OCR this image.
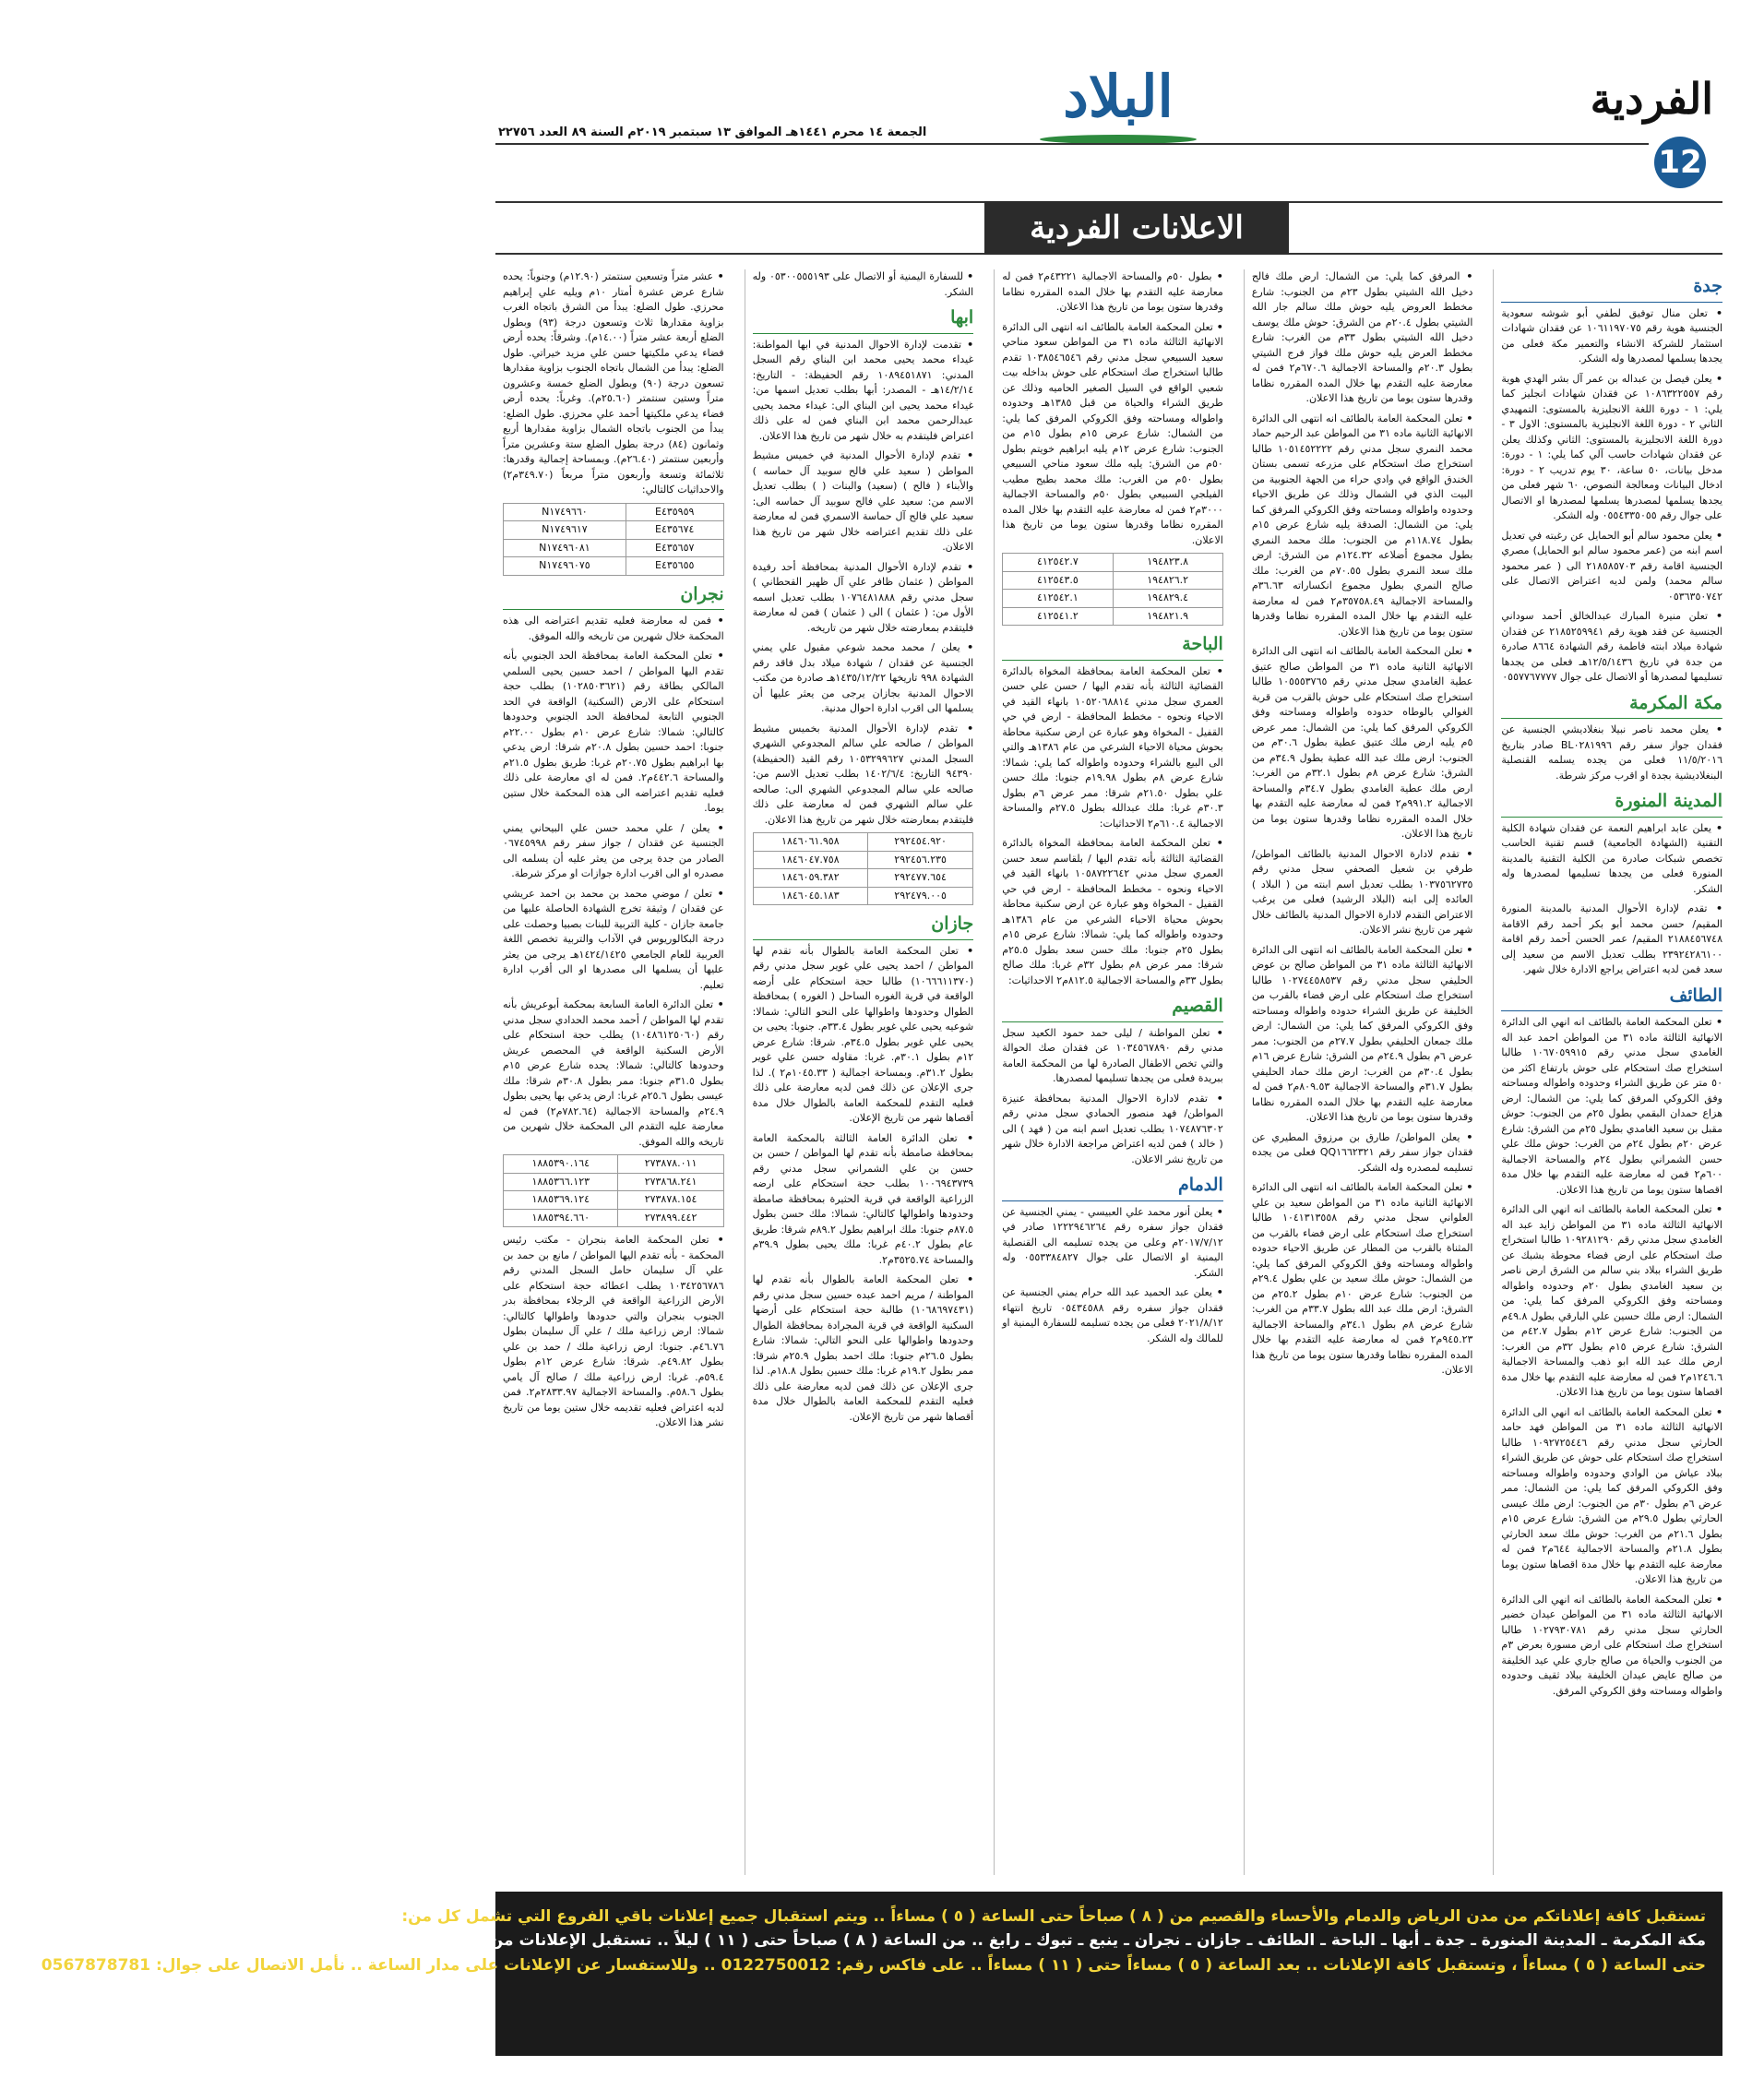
الفردية
12
البلاد
الجمعة ١٤ محرم ١٤٤١هـ الموافق ١٣ سبتمبر ٢٠١٩م السنة ٨٩ العدد ٢٢٧٥٦
الاعلانات الفردية
جدة
• تعلن منال توفيق لطفي أبو شوشه سعودية الجنسية هوية رقم ١٠٦١١٩٧٠٧٥ عن فقدان شهادات استثمار للشركة الانشاء والتعمير مكة فعلى من يجدها يسلمها لمصدرها وله الشكر.
• يعلن فيصل بن عبداله بن عمر آل بشر الهدي هوية رقم ١٠٨٦٣٢٢٥٥٧ عن فقدان شهادات انجليز كما يلي: ١ - دورة اللغة الانجليزية بالمستوى: التمهيدي الثاني ٢ - دورة اللغة الانجليزية بالمستوى: الاول ٣ - دورة اللغة الانجليزية بالمستوى: الثاني وكذلك يعلن عن فقدان شهادات حاسب آلي كما يلي: ١ - دورة: مدخل بيانات، ٥٠ ساعة، ٣٠ يوم تدريب ٢ - دورة: ادخال البيانات ومعالجة النصوص، ٦٠ شهر فعلى من يجدها يسلمها لمصدرها يسلمها لمصدرها او الاتصال على جوال رقم ٠٥٥٤٣٣٥٠٥٥ وله الشكر.
• يعلن محمود سالم أبو الحمايل عن رغبته في تعديل اسم ابنه من (عمر محمود سالم ابو الحمايل) مصري الجنسية اقامة رقم ٢١٨٥٨٥٧٠٣ الى ( عمر محمود سالم محمد) ولمن لديه اعتراض الاتصال على ٠٥٣٦٣٥٠٧٤٢
• تعلن منيرة المبارك عبدالخالق أحمد سوداني الجنسية عن فقد هوية رقم ٢١٨٥٢٥٩٩٤١ عن فقدان شهادة ميلاد ابنته فاطمة رقم الشهادة ٨٦٦٤ صادرة من جدة في تاريخ ١٢/٥/١٤٣٦هـ فعلى من يجدها تسليمها لمصدرها أو الاتصال على جوال ٠٥٥٧٧٦٧٧٧٧
مكة المكرمة
• يعلن محمد ناصر نبيلا بنغلاديشي الجنسية عن فقدان جواز سفر رقم BL٠٢٨١٩٩٦ صادر بتاريخ ١١/٥/٢٠١٦ فعلى من يجده يسلمه القنصلية البنغلاديشية بجدة او اقرب مركز شرطة.
المدينة المنورة
• يعلن عابد ابراهيم النعمة عن فقدان شهادة الكلية التقنية (الشهادة الجامعية) قسم تقنية الحاسب تخصص شبكات صادرة من الكلية التقنية بالمدينة المنورة فعلى من يجدها تسليمها لمصدرها وله الشكر.
• تقدم لإدارة الأحوال المدنية بالمدينة المنورة المقيم/ حسن محمد أبو بكر أحمد رقم الاقامة ٢١٨٨٤٥٦٧٤٨ المقيم/ عمر الحسن أحمد رقم اقامة ٢٣٩٢٤٢٨٦١٠٠ بطلب تعديل الاسم من سعيد إلى سعد فمن لديه اعتراض يراجع الادارة خلال شهر.
الطائف
• تعلن المحكمة العامة بالطائف انه انهي الى الدائرة الانهائية الثالثة ماده ٣١ من المواطن احمد عبد اله الغامدي سجل مدني رقم ١٠٦٧٠٥٩٩١٥ طالبا استخراج صك استحكام على حوش بارتفاع اكثر من ٥٠ متر عن طريق الشراء وحدوده واطواله ومساحته وفق الكروكي المرفق كما يلي: من الشمال: ارض هزاع حمدان البقمي بطول ٢٥م من الجنوب: حوش مقبل بن سعيد الغامدي بطول ٢٥م من الشرق: شارع عرض ٢٠م بطول ٢٤م من الغرب: حوش ملك علي حسن الشمراني بطول ٢٤م والمساحة الاجمالية ٦٠٠م٢ فمن له معارضة عليه التقدم بها خلال مدة اقصاها ستون يوما من تاريخ هذا الاعلان.
• تعلن المحكمة العامة بالطائف انه انهي الى الدائرة الانهائية الثالثة ماده ٣١ من المواطن زايد عبد اله الغامدي سجل مدني رقم ١٠٩٢٨١٢٩٠ طالبا استخراج صك استحكام على ارض فضاء محوطة بشبك عن طريق الشراء ببلاد بني سالم من الشرق ارض ناصر بن سعيد الغامدي بطول ٢٠م وحدوده واطواله ومساحته وفق الكروكي المرفق كما يلي: من الشمال: ارض ملك حسين علي البارقي بطول ٤٩.٨م من الجنوب: شارع عرض ١٢م بطول ٤٢.٧م من الشرق: شارع عرض ١٥م بطول ٣٢م من الغرب: ارض ملك عبد الله ابو ذهب والمساحة الاجمالية ١٢٤٦.٦م٢ فمن له معارضة عليه التقدم بها خلال مدة اقصاها ستون يوما من تاريخ هذا الاعلان.
• تعلن المحكمة العامة بالطائف انه انهي الى الدائرة الانهائية الثالثة ماده ٣١ من المواطن فهد حامد الحارثي سجل مدني رقم ١٠٩٢٧٢٥٤٤٦ طالبا استخراج صك استحكام على حوش عن طريق الشراء ببلاد عياش من الوادي وحدوده واطواله ومساحته وفق الكروكي المرفق كما يلي: من الشمال: ممر عرض ٦م بطول ٣٠م من الجنوب: ارض ملك عيسى الحارثي بطول ٢٩.٥م من الشرق: شارع عرض ١٥م بطول ٢١.٦م من الغرب: حوش ملك سعد الحارثي بطول ٢١.٨م والمساحة الاجمالية ٦٤٤م٢ فمن له معارضة عليه التقدم بها خلال مدة اقصاها ستون يوما من تاريخ هذا الاعلان.
• تعلن المحكمة العامة بالطائف انه انهي الى الدائرة الانهائية الثالثة ماده ٣١ من المواطن عيدان خضير الحارثي سجل مدني رقم ١٠٢٧٩٣٠٧٨١ طالبا استخراج صك استحكام على ارض مسورة بعرض ٣م من الجنوب والحياة من صالح جاري علي عيد الخليفة من صالح عايض عيدان الخليفة ببلاد ثقيف وحدوده واطواله ومساحته وفق الكروكي المرفق.
• المرفق كما يلي: من الشمال: ارض ملك فالح دخيل الله الشيتي بطول ٢٣م من الجنوب: شارع مخطط العروض يليه حوش ملك سالم جار الله الشيتي بطول ٢٠.٤م من الشرق: حوش ملك يوسف دخيل الله الشيتي بطول ٣٣م من الغرب: شارع مخطط العرض يليه حوش ملك فواز فرج الشيتي بطول ٢٠.٣م والمساحة الاجمالية ٦٧٠.٦م٢ فمن له معارضة عليه التقدم بها خلال المده المقرره نظاما وقدرها ستون يوما من تاريخ هذا الاعلان.
• تعلن المحكمة العامة بالطائف انه انتهى الى الدائرة الانهائية الثانية ماده ٣١ من المواطن عبد الرحيم حماد محمد النمري سجل مدني رقم ١٠٥١٤٥٢٢٢٢ طالبا استخراج صك استحكام على مزرعه تسمى بستان الخندق الواقع في وادي حراء من الجهة الجنوبية من البيت الذي في الشمال وذلك عن طريق الاحياء وحدوده واطواله ومساحته وفق الكروكي المرفق كما يلي: من الشمال: الصدقة يليه شارع عرض ١٥م بطول ١١٨.٧٤م من الجنوب: ملك محمد النمري بطول مجموع أضلاعه ١٢٤.٣٢م من الشرق: ارض ملك سعد النمري بطول ٧٠.٥٥م من الغرب: ملك صالح النمري بطول مجموع انكساراته ٣٦.٦٣م والمساحة الاجمالية ٣٥٧٥٨.٤٩م٢ فمن له معارضة عليه التقدم بها خلال المده المقرره نظاما وقدرها ستون يوما من تاريخ هذا الاعلان.
• تعلن المحكمة العامة بالطائف انه انتهى الى الدائرة الانهائية الثانية ماده ٣١ من المواطن صالح عتيق عطية الغامدي سجل مدني رقم ١٠٥٥٥٣٧٦٥ طالبا استخراج صك استحكام على حوش بالقرب من قرية الغوالي بالوطاه حدوده واطواله ومساحته وفق الكروكي المرفق كما يلي: من الشمال: ممر عرض ٥م يليه ارض ملك عتيق عطية بطول ٣٠.٦م من الجنوب: ارض ملك عبد الله عطية بطول ٣٤.٩م من الشرق: شارع عرض ٨م بطول ٣٢.١م من الغرب: ارض ملك عطية الغامدي بطول ٣٤.٧م والمساحة الاجمالية ٩٩١.٢م٢ فمن له معارضة عليه التقدم بها خلال المده المقرره نظاما وقدرها ستون يوما من تاريخ هذا الاعلان.
• تقدم لادارة الاحوال المدنية بالطائف المواطن/ طرقي بن شعيل الصحفي سجل مدني رقم ١٠٣٧٥٦٢٧٣٥ بطلب تعديل اسم ابنته من ( البلاد ) العائده إلى ابنه (البلاد الرشيد) فعلى من يرغب الاعتراض التقدم لادارة الاحوال المدنية بالطائف خلال شهر من تاريخ نشر الاعلان.
• تعلن المحكمة العامة بالطائف انه انتهى الى الدائرة الانهائية الثالثة ماده ٣١ من المواطن صالح بن عوض الحليفي سجل مدني رقم ١٠٢٧٤٤٥٨٥٣٧ طالبا استخراج صك استحكام على ارض فضاء بالقرب من الخليفة عن طريق الشراء حدوده واطواله ومساحته وفق الكروكي المرفق كما يلي: من الشمال: ارض ملك جمعان الحليفي بطول ٢٧.٧م من الجنوب: ممر عرض ٦م بطول ٢٤.٩م من الشرق: شارع عرض ١٦م بطول ٣٠.٤م من الغرب: ارض ملك حماد الحليفي بطول ٣١.٧م والمساحة الاجمالية ٨٠٩.٥٣م٢ فمن له معارضة عليه التقدم بها خلال المده المقرره نظاما وقدرها ستون يوما من تاريخ هذا الاعلان.
• يعلن المواطن/ طارق بن مرزوق المطيري عن فقدان جواز سفر رقم QQ١٦٦٢٣٢١ فعلى من يجده تسليمه لمصدره وله الشكر.
• تعلن المحكمة العامة بالطائف انه انتهى الى الدائرة الانهائية الثانية ماده ٣١ من المواطن سعيد بن علي العلواني سجل مدني رقم ١٠٤١٣١٣٥٥٨ طالبا استخراج صك استحكام على ارض فضاء بالقرب من المثناة بالقرب من المطار عن طريق الاحياء حدوده واطواله ومساحته وفق الكروكي المرفق كما يلي: من الشمال: حوش ملك سعيد بن علي بطول ٢٩.٤م من الجنوب: شارع عرض ١٠م بطول ٢٥.٢م من الشرق: ارض ملك عبد الله بطول ٣٣.٧م من الغرب: شارع عرض ٨م بطول ٣٤.١م والمساحة الاجمالية ٩٤٥.٢٣م٢ فمن له معارضة عليه التقدم بها خلال المده المقرره نظاما وقدرها ستون يوما من تاريخ هذا الاعلان.
• بطول ٥٠م والمساحة الاجمالية ٤٣٢٢١م٢ فمن له معارضة عليه التقدم بها خلال المده المقرره نظاما وقدرها ستون يوما من تاريخ هذا الاعلان.
• تعلن المحكمة العامة بالطائف انه انتهى الى الدائرة الانهائية الثالثة ماده ٣١ من المواطن سعود مناحي سعيد السبيعي سجل مدني رقم ١٠٣٨٥٤٦٥٤٦ تقدم طالبا استخراج صك استحكام على حوش بداخله بيت شعبي الواقع في السيل الصغير الحاميه وذلك عن طريق الشراء والحياة من قبل ١٣٨٥هـ وحدوده واطواله ومساحته وفق الكروكي المرفق كما يلي: من الشمال: شارع عرض ١٥م بطول ١٥م من الجنوب: شارع عرض ١٢م يليه ابراهيم خويتم بطول ٥٠م من الشرق: يليه ملك سعود مناحي السبيعي بطول ٥٠م من الغرب: ملك محمد بطيح مطيب الفيلجي السبيعي بطول ٥٠م والمساحة الاجمالية ٣٠٠٠م٢ فمن له معارضة عليه التقدم بها خلال المده المقرره نظاما وقدرها ستون يوما من تاريخ هذا الاعلان.
٤١٢٥٤٢.٧	١٩٤٨٢٣.٨
٤١٢٥٤٣.٥	١٩٤٨٢٦.٢
٤١٢٥٤٢.١	١٩٤٨٢٩.٤
٤١٢٥٤١.٢	١٩٤٨٢١.٩
الباحة
• تعلن المحكمة العامة بمحافظة المخواة بالدائرة القضائية الثالثة بأنه تقدم اليها / حسن علي حسن العمري سجل مدني ١٠٥٢٠٦٨٨١٤ بانهاء القيد في الاحياء ونحوه - مخطط المحافظة - ارض في حي القفيل - المخواة وهو عبارة عن ارض سكنية محاطة بحوش محياة الاحياء الشرعي من عام ١٣٨٦هـ والتي الى البيع بالشراء وحدوده واطواله كما يلي: شمالا: شارع عرض ٨م بطول ١٩.٩٨م جنوبا: ملك حسن علي بطول ٢١.٥٠م شرقا: ممر عرض ٦م بطول ٣٠.٣م غربا: ملك عبدالله بطول ٢٧.٥م والمساحة الاجمالية ٦١٠.٤م٢ الاحداثيات:
• تعلن المحكمة العامة بمحافظة المخواة بالدائرة القضائية الثالثة بأنه تقدم اليها / بلقاسم سعد حسن العمري سجل مدني ١٠٥٨٧٢٢٦٤٢ بانهاء القيد في الاحياء ونحوه - مخطط المحافظة - ارض في حي القفيل - المخواة وهو عبارة عن ارض سكنية محاطة بحوش محياة الاحياء الشرعي من عام ١٣٨٦هـ وحدوده واطواله كما يلي: شمالا: شارع عرض ١٥م بطول ٢٥م جنوبا: ملك حسن سعد بطول ٢٥.٥م شرقا: ممر عرض ٨م بطول ٣٢م غربا: ملك صالح بطول ٣٣م والمساحة الاجمالية ٨١٢.٥م٢ الاحداثيات:
القصيم
• تعلن المواطنة / ليلى حمد حمود الكعيد سجل مدني رقم ١٠٣٤٥٦٧٨٩٠ عن فقدان صك الحوالة والتي تخص الاطفال الصادرة لها من المحكمة العامة ببريدة فعلى من يجدها تسليمها لمصدرها.
• تقدم لادارة الاحوال المدنية بمحافظة عنيزة المواطن/ فهد منصور الحمادي سجل مدني رقم ١٠٧٤٨٧٦٣٠٢ بطلب تعديل اسم ابنه من ( فهد ) الى ( خالد ) فمن لديه اعتراض مراجعة الادارة خلال شهر من تاريخ نشر الاعلان.
الدمام
• يعلن أنور محمد علي العبيسي - يمني الجنسية عن فقدان جواز سفره رقم ١٢٢٢٩٤٦٢٦٤ صادر في ٢٠١٧/٧/١٢م وعلى من يجده تسليمه الى القنصلية اليمنية او الاتصال على جوال ٠٥٥٣٣٨٤٨٢٧ وله الشكر.
• يعلن عبد الحميد عبد الله حرام يمني الجنسية عن فقدان جواز سفره رقم ٠٥٤٣٤٥٨٨ تاريخ انتهاء ٢٠٢١/٨/١٢ فعلى من يجده تسليمه للسفارة اليمنية او للمالك وله الشكر.
• للسفارة اليمنية أو الاتصال على ٠٥٣٠٠٥٥٥١٩٣ وله الشكر.
ابها
• تقدمت لإدارة الاحوال المدنية في ابها المواطنة: غيداء محمد يحيى محمد ابن البناي رقم السجل المدني: ١٠٨٩٤٥١٨٧١ رقم الحفيظة: - التاريخ: ١٤/٢/١٤هـ - المصدر: أبها بطلب تعديل اسمها من: غيداء محمد يحيى ابن البناي الى: غيداء محمد يحيى عبدالرحمن محمد ابن البناي فمن له على ذلك اعتراض فليتقدم به خلال شهر من تاريخ هذا الاعلان.
• تقدم لإدارة الأحوال المدنية في خميس مشيط المواطن ( سعيد علي فالح سوبيد آل حماسه ) والأبناء ( فالح ) (سعيد) والبنات ( ) بطلب تعديل الاسم من: سعيد علي فالح سوبيد آل حماسه الى: سعيد علي فالح آل حماسة الاسمري فمن له معارضة على ذلك تقديم اعتراضه خلال شهر من تاريخ هذا الاعلان.
• تقدم لإدارة الأحوال المدنية بمحافظة أحد رفيدة المواطن ( عثمان ظافر علي آل ظهير القحطاني ) سجل مدني رقم ١٠٧٦٤٨١٨٨٨ بطلب تعديل اسمه الأول من: ( عثمان ) الى ( عثمان ) فمن له معارضة فليتقدم بمعارضته خلال شهر من تاريخه.
• يعلن / محمد محمد شوعي مقبول علي يمني الجنسية عن فقدان / شهادة ميلاد بدل فاقد رقم الشهادة ٩٩٨ تاريخها ١٤٣٥/١٢/٢٢هـ صادرة من مكتب الاحوال المدنية بجازان يرجى من يعثر عليها أن يسلمها الى اقرب ادارة احوال مدنية.
• تقدم لإدارة الأحوال المدنية بخميس مشيط المواطن / صالحه علي سالم المجدوعي الشهري السجل المدني ١٠٥٣٢٩٩٦٢٧ رقم القيد (الحفيظة) ٩٤٣٩٠ التاريخ: ١٤٠٢/٦/٤ بطلب تعديل الاسم من: صالحه علي سالم المجدوعي الشهري الى: صالحه علي سالم الشهري فمن له معارضة على ذلك فليتقدم بمعارضته خلال شهر من تاريخ هذا الاعلان.
١٨٤٦٠٦١.٩٥٨	٢٩٢٤٥٤.٩٢٠
١٨٤٦٠٤٧.٧٥٨	٢٩٢٤٥٦.٢٣٥
١٨٤٦٠٥٩.٣٨٢	٢٩٢٤٧٧.٦٥٤
١٨٤٦٠٤٥.١٨٣	٢٩٢٤٧٩.٠٠٥
جازان
• تعلن المحكمة العامة بالطوال بأنه تقدم لها المواطن / احمد يحيى علي غوير سجل مدني رقم (١٠٦٦٦١١٣٧٠) طالبا حجة استحكام على أرضه الواقعة في قرية الغوره الساحل ( الغوره ) بمحافظة الطوال وحدودها واطوالها على النحو التالي: شمالا: شوعيه يحيى علي غوير بطول ٣٣.٤م. جنوبا: يحيى بن يحيى علي غوير بطول ٣٤.٥م. شرقا: شارع عرض ١٢م بطول ٣٠.١م. غربا: مقاوله حسن علي غوير بطول ٣١.٢م. وبمساحة اجمالية ( ١٠٤٥.٣٣م٢ ). لذا جرى الإعلان عن ذلك فمن لديه معارضة على ذلك فعليه التقدم للمحكمة العامة بالطوال خلال مدة أقصاها شهر من تاريخ الإعلان.
• تعلن الدائرة العامة الثالثة بالمحكمة العامة بمحافظة صامطة بأنه تقدم لها المواطن / حسن بن حسن بن علي الشمراني سجل مدني رقم ١٠٠٦٩٤٣٧٣٩ بطلب حجة استحكام على ارضه الزراعية الواقعة في قرية الحثيرة بمحافظة صامطة وحدودها واطوالها كالتالي: شمالا: ملك حسن بطول ٨٧.٥م جنوبا: ملك ابراهيم بطول ٨٩.٢م شرقا: طريق عام بطول ٤٠.٢م غربا: ملك يحيى بطول ٣٩.٩م والمساحة ٣٥٢٥.٧٤م٢.
• تعلن المحكمة العامة بالطوال بأنه تقدم لها المواطنة / مريم احمد عبده حسين سجل مدني رقم (١٠٦٨٦٩٧٤٣١) طالبة حجة استحكام على أرضها السكنية الواقعة في قرية المجرادة بمحافظة الطوال وحدودها واطوالها على النحو التالي: شمالا: شارع بطول ٢٦.٥م جنوبا: ملك احمد بطول ٢٥.٩م شرقا: ممر بطول ١٩.٢م غربا: ملك حسين بطول ١٨.٨م. لذا جرى الإعلان عن ذلك فمن لديه معارضة على ذلك فعليه التقدم للمحكمة العامة بالطوال خلال مدة أقصاها شهر من تاريخ الإعلان.
• عشر متراً وتسعين سنتمتر (١٢.٩٠م) وجنوباً: يحده شارع عرض عشرة أمتار ١٠م ويليه علي إبراهيم محرزي. طول الضلع: يبدأ من الشرق باتجاه الغرب بزاوية مقدارها ثلاث وتسعون درجة (٩٣) وبطول الضلع أربعة عشر متراً (١٤.٠٠م). وشرقاً: يحده أرض فضاء يدعي ملكيتها حسن علي مزيد خيراتي. طول الضلع: يبدأ من الشمال باتجاه الجنوب بزاوية مقدارها تسعون درجة (٩٠) وبطول الضلع خمسة وعشرون متراً وستين سنتمتر (٢٥.٦٠م). وغرباً: يحده أرض فضاء يدعي ملكيتها أحمد علي محرزي. طول الضلع: يبدأ من الجنوب باتجاه الشمال بزاوية مقدارها أربع وثمانون (٨٤) درجة بطول الضلع ستة وعشرين متراً وأربعين سنتمتر (٢٦.٤٠م). وبمساحة إجمالية وقدرها: ثلاثمائة وتسعة وأربعون متراً مربعاً (٣٤٩.٧٠م٢) والاحداثيات كالتالي:
N١٧٤٩٦٦٠	E٤٣٥٩٥٩
N١٧٤٩٦١٧	E٤٣٥٦٧٤
N١٧٤٩٦٠٨١	E٤٣٥٦٥٧
N١٧٤٩٦٠٧٥	E٤٣٥٦٥٥
نجران
• فمن له معارضة فعليه تقديم اعتراضه الى هذه المحكمة خلال شهرين من تاريخه والله الموفق.
• تعلن المحكمة العامة بمحافظة الحد الجنوبي بأنه تقدم اليها المواطن / احمد حسين يحيى السلمي المالكي بطاقة رقم (١٠٢٨٥٠٣٦٢١) بطلب حجة استحكام على الارض (السكنية) الواقعة في الحد الجنوبي التابعة لمحافظة الحد الجنوبي وحدودها كالتالي: شمالا: شارع عرض ١٠م بطول ٢٢.٠٠م جنوبا: احمد حسين بطول ٢٠.٨م شرقا: ارض يدعي بها ابراهيم بطول ٢٠.٧٥م غربا: طريق بطول ٢١.٥م والمساحة ٤٤٢.٦م٢. فمن له اي معارضة على ذلك فعليه تقديم اعتراضه الى هذه المحكمة خلال ستين يوما.
• يعلن / علي محمد حسن علي البيحاني يمني الجنسية عن فقدان / جواز سفر رقم ٠٦٧٤٥٩٩٨ الصادر من جدة يرجى من يعثر عليه أن يسلمه الى مصدره او الى اقرب ادارة جوازات او مركز شرطة.
• تعلن / موضي محمد بن محمد بن احمد عريشي عن فقدان / وثيقة تخرج الشهادة الحاصلة عليها من جامعة جازان - كلية التربية للبنات بصبيا وحصلت على درجة البكالوريوس في الآداب والتربية تخصص اللغة العربية للعام الجامعي ١٤٢٤/١٤٢٥هـ يرجى من يعثر عليها أن يسلمها الى مصدرها او الى أقرب ادارة تعليم.
• تعلن الدائرة العامة السابعة بمحكمة أبوعريش بأنه تقدم لها المواطن / أحمد محمد الحدادي سجل مدني رقم (١٠٤٨٦١٢٥٠٦٠) يطلب حجة استحكام على الأرض السكنية الواقعة في المحصص عريش وحدودها كالتالي: شمالا: يحده شارع عرض ١٥م بطول ٣١.٥م جنوبا: ممر بطول ٣٠.٨م شرقا: ملك عيسى بطول ٢٥.٦م غربا: ارض يدعي بها يحيى بطول ٢٤.٩م والمساحة الاجمالية (٧٨٢.٦٤م٢) فمن له معارضة عليه التقدم الى المحكمة خلال شهرين من تاريخه والله الموفق.
١٨٨٥٣٩٠.١٦٤	٢٧٣٨٧٨.٠١١
١٨٨٥٣٦٦.١٢٣	٢٧٣٨٦٨.٢٤١
١٨٨٥٣٦٩.١٢٤	٢٧٣٨٧٨.١٥٤
١٨٨٥٣٩٤.٦٦٠	٢٧٣٨٩٩.٤٤٢
• تعلن المحكمة العامة بنجران - مكتب رئيس المحكمة - بأنه تقدم اليها المواطن / مانع بن حمد بن علي آل سليمان حامل السجل المدني رقم ١٠٣٤٢٥٦٧٨٦ يطلب اعطائه حجة استحكام على الأرض الزراعية الواقعة في الرجلاء بمحافظة بدر الجنوب بنجران والتي حدودها واطوالها كالتالي: شمالا: ارض زراعية ملك / علي آل سليمان بطول ٤٦.٧٦م. جنوبا: ارض زراعية ملك / حمد بن علي بطول ٤٩.٨٢م. شرقا: شارع عرض ١٢م بطول ٥٩.٤م. غربا: ارض زراعية ملك / صالح آل يامي بطول ٥٨.٦م. والمساحة الاجمالية ٢٨٣٣.٩٧م٢. فمن لديه اعتراض فعليه تقديمه خلال ستين يوما من تاريخ نشر هذا الاعلان.
تستقبل كافة إعلاناتكم من مدن الرياض والدمام والأحساء والقصيم من ( ٨ ) صباحاً حتى الساعة ( ٥ ) مساءاً .. ويتم استقبال جميع إعلانات باقي الفروع التي تشمل كل من:
مكة المكرمة ـ المدينة المنورة ـ جدة ـ أبها ـ الباحة ـ الطائف ـ جازان ـ نجران ـ ينبع ـ تبوك ـ رابغ .. من الساعة ( ٨ ) صباحاً حتى ( ١١ ) ليلاً .. تستقبل الإعلانات من كافة الفروع على هاتف: 0126711000 | فاكس: 0126716241
حتى الساعة ( ٥ ) مساءاً ، وتستقبل كافة الإعلانات .. بعد الساعة ( ٥ ) مساءاً حتى ( ١١ ) مساءاً .. على فاكس رقم: 0122750012 .. وللاستفسار عن الإعلانات على مدار الساعة .. نأمل الاتصال على جوال: 0567878781
